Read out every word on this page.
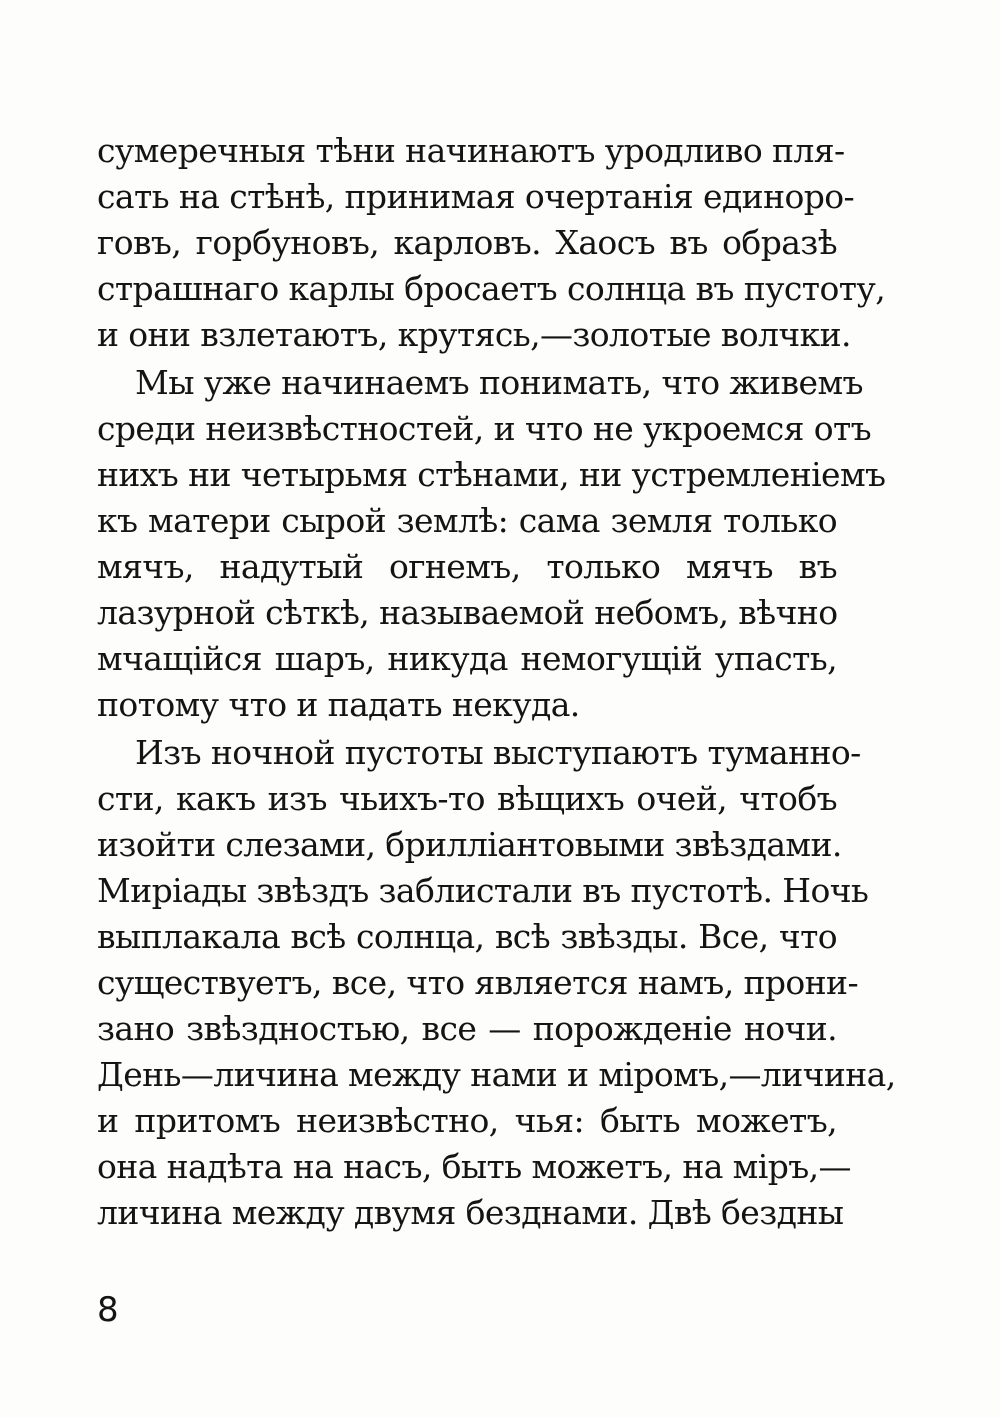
сумеречныя тѣни начинаютъ уродливо пля-
сать на стѣнѣ, принимая очертанія единоро-
говъ, горбуновъ, карловъ. Хаосъ въ образѣ
страшнаго карлы бросаетъ солнца въ пустоту,
и они взлетаютъ, крутясь,—золотые волчки.
Мы уже начинаемъ понимать, что живемъ
среди неизвѣстностей, и что не укроемся отъ
нихъ ни четырьмя стѣнами, ни устремленіемъ
къ матери сырой землѣ: сама земля только
мячъ, надутый огнемъ, только мячъ въ
лазурной сѣткѣ, называемой небомъ, вѣчно
мчащійся шаръ, никуда немогущій упасть,
потому что и падать некуда.
Изъ ночной пустоты выступаютъ туманно-
сти, какъ изъ чьихъ-то вѣщихъ очей, чтобъ
изойти слезами, бриллiантовыми звѣздами.
Миріады звѣздъ заблистали въ пустотѣ. Ночь
выплакала всѣ солнца, всѣ звѣзды. Все, что
существуетъ, все, что является намъ, прони-
зано звѣздностью, все — порожденіе ночи.
День—личина между нами и міромъ,—личина,
и притомъ неизвѣстно, чья: быть можетъ,
она надѣта на насъ, быть можетъ, на міръ,—
личина между двумя безднами. Двѣ бездны
8
